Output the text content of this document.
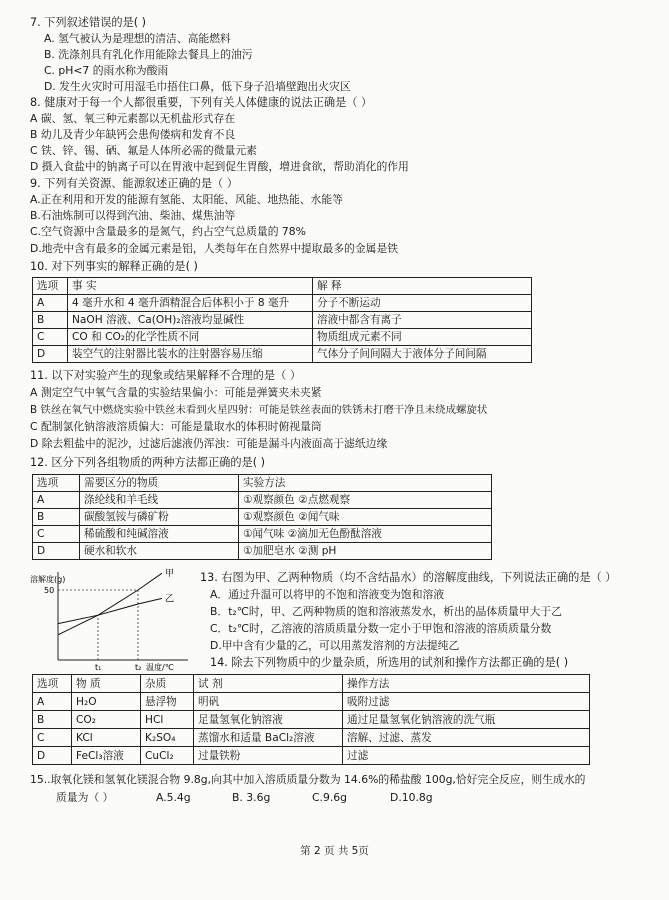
7. 下列叙述错误的是( )
A. 氢气被认为是理想的清洁、高能燃料
B. 洗涤剂具有乳化作用能除去餐具上的油污
C. pH<7 的雨水称为酸雨
D. 发生火灾时可用湿毛巾捂住口鼻，低下身子沿墙壁跑出火灾区
8. 健康对于每一个人都很重要，下列有关人体健康的说法正确是（ ）
A 碳、氢、氧三种元素都以无机盐形式存在
B 幼儿及青少年缺钙会患佝偻病和发育不良
C 铁、锌、锡、硒、氟是人体所必需的微量元素
D 摄入食盐中的钠离子可以在胃液中起到促生胃酸，增进食欲，帮助消化的作用
9. 下列有关资源、能源叙述正确的是（ ）
A.正在利用和开发的能源有氢能、太阳能、风能、地热能、水能等
B.石油炼制可以得到汽油、柴油、煤焦油等
C.空气资源中含量最多的是氮气，约占空气总质量的 78%
D.地壳中含有最多的金属元素是铝，人类每年在自然界中提取最多的金属是铁
10. 对下列事实的解释正确的是( )
选项	事 实	解 释
A	4 毫升水和 4 毫升酒精混合后体积小于 8 毫升	分子不断运动
B	NaOH 溶液、Ca(OH)₂溶液均显碱性	溶液中都含有离子
C	CO 和 CO₂的化学性质不同	物质组成元素不同
D	装空气的注射器比装水的注射器容易压缩	气体分子间间隔大于液体分子间间隔
11. 以下对实验产生的现象或结果解释不合理的是（ ）
A 测定空气中氧气含量的实验结果偏小：可能是弹簧夹未夹紧
B 铁丝在氧气中燃烧实验中铁丝未看到火星四射：可能是铁丝表面的铁锈未打磨干净且未绕成螺旋状
C 配制氯化钠溶液溶质偏大：可能是量取水的体积时俯视量筒
D 除去粗盐中的泥沙，过滤后滤液仍浑浊：可能是漏斗内液面高于滤纸边缘
12. 区分下列各组物质的两种方法都正确的是( )
选项	需要区分的物质	实验方法
A	涤纶线和羊毛线	①观察颜色 ②点燃观察
B	碳酸氢铵与磷矿粉	①观察颜色 ②闻气味
C	稀硫酸和纯碱溶液	①闻气味 ②滴加无色酚酞溶液
D	硬水和软水	①加肥皂水 ②测 pH
溶解度(g)
50
t₁	t₂ 温度/℃
甲
乙
13. 右图为甲、乙两种物质（均不含结晶水）的溶解度曲线，下列说法正确的是（ ）
A．通过升温可以将甲的不饱和溶液变为饱和溶液
B．t₂℃时，甲、乙两种物质的饱和溶液蒸发水，析出的晶体质量甲大于乙
C．t₂℃时，乙溶液的溶质质量分数一定小于甲饱和溶液的溶质质量分数
D.甲中含有少量的乙，可以用蒸发溶剂的方法提纯乙
14. 除去下列物质中的少量杂质，所选用的试剂和操作方法都正确的是( )
选项	物 质	杂质	试 剂	操作方法
A	H₂O	悬浮物	明矾	吸附过滤
B	CO₂	HCl	足量氢氧化钠溶液	通过足量氢氧化钠溶液的洗气瓶
C	KCl	K₂SO₄	蒸馏水和适量 BaCl₂溶液	溶解、过滤、蒸发
D	FeCl₃溶液	CuCl₂	过量铁粉	过滤
15..取氧化镁和氢氧化镁混合物 9.8g,向其中加入溶质质量分数为 14.6%的稀盐酸 100g,恰好完全反应，则生成水的
质量为（ ）	A.5.4g	B. 3.6g	C.9.6g	D.10.8g
第 2 页 共 5页
